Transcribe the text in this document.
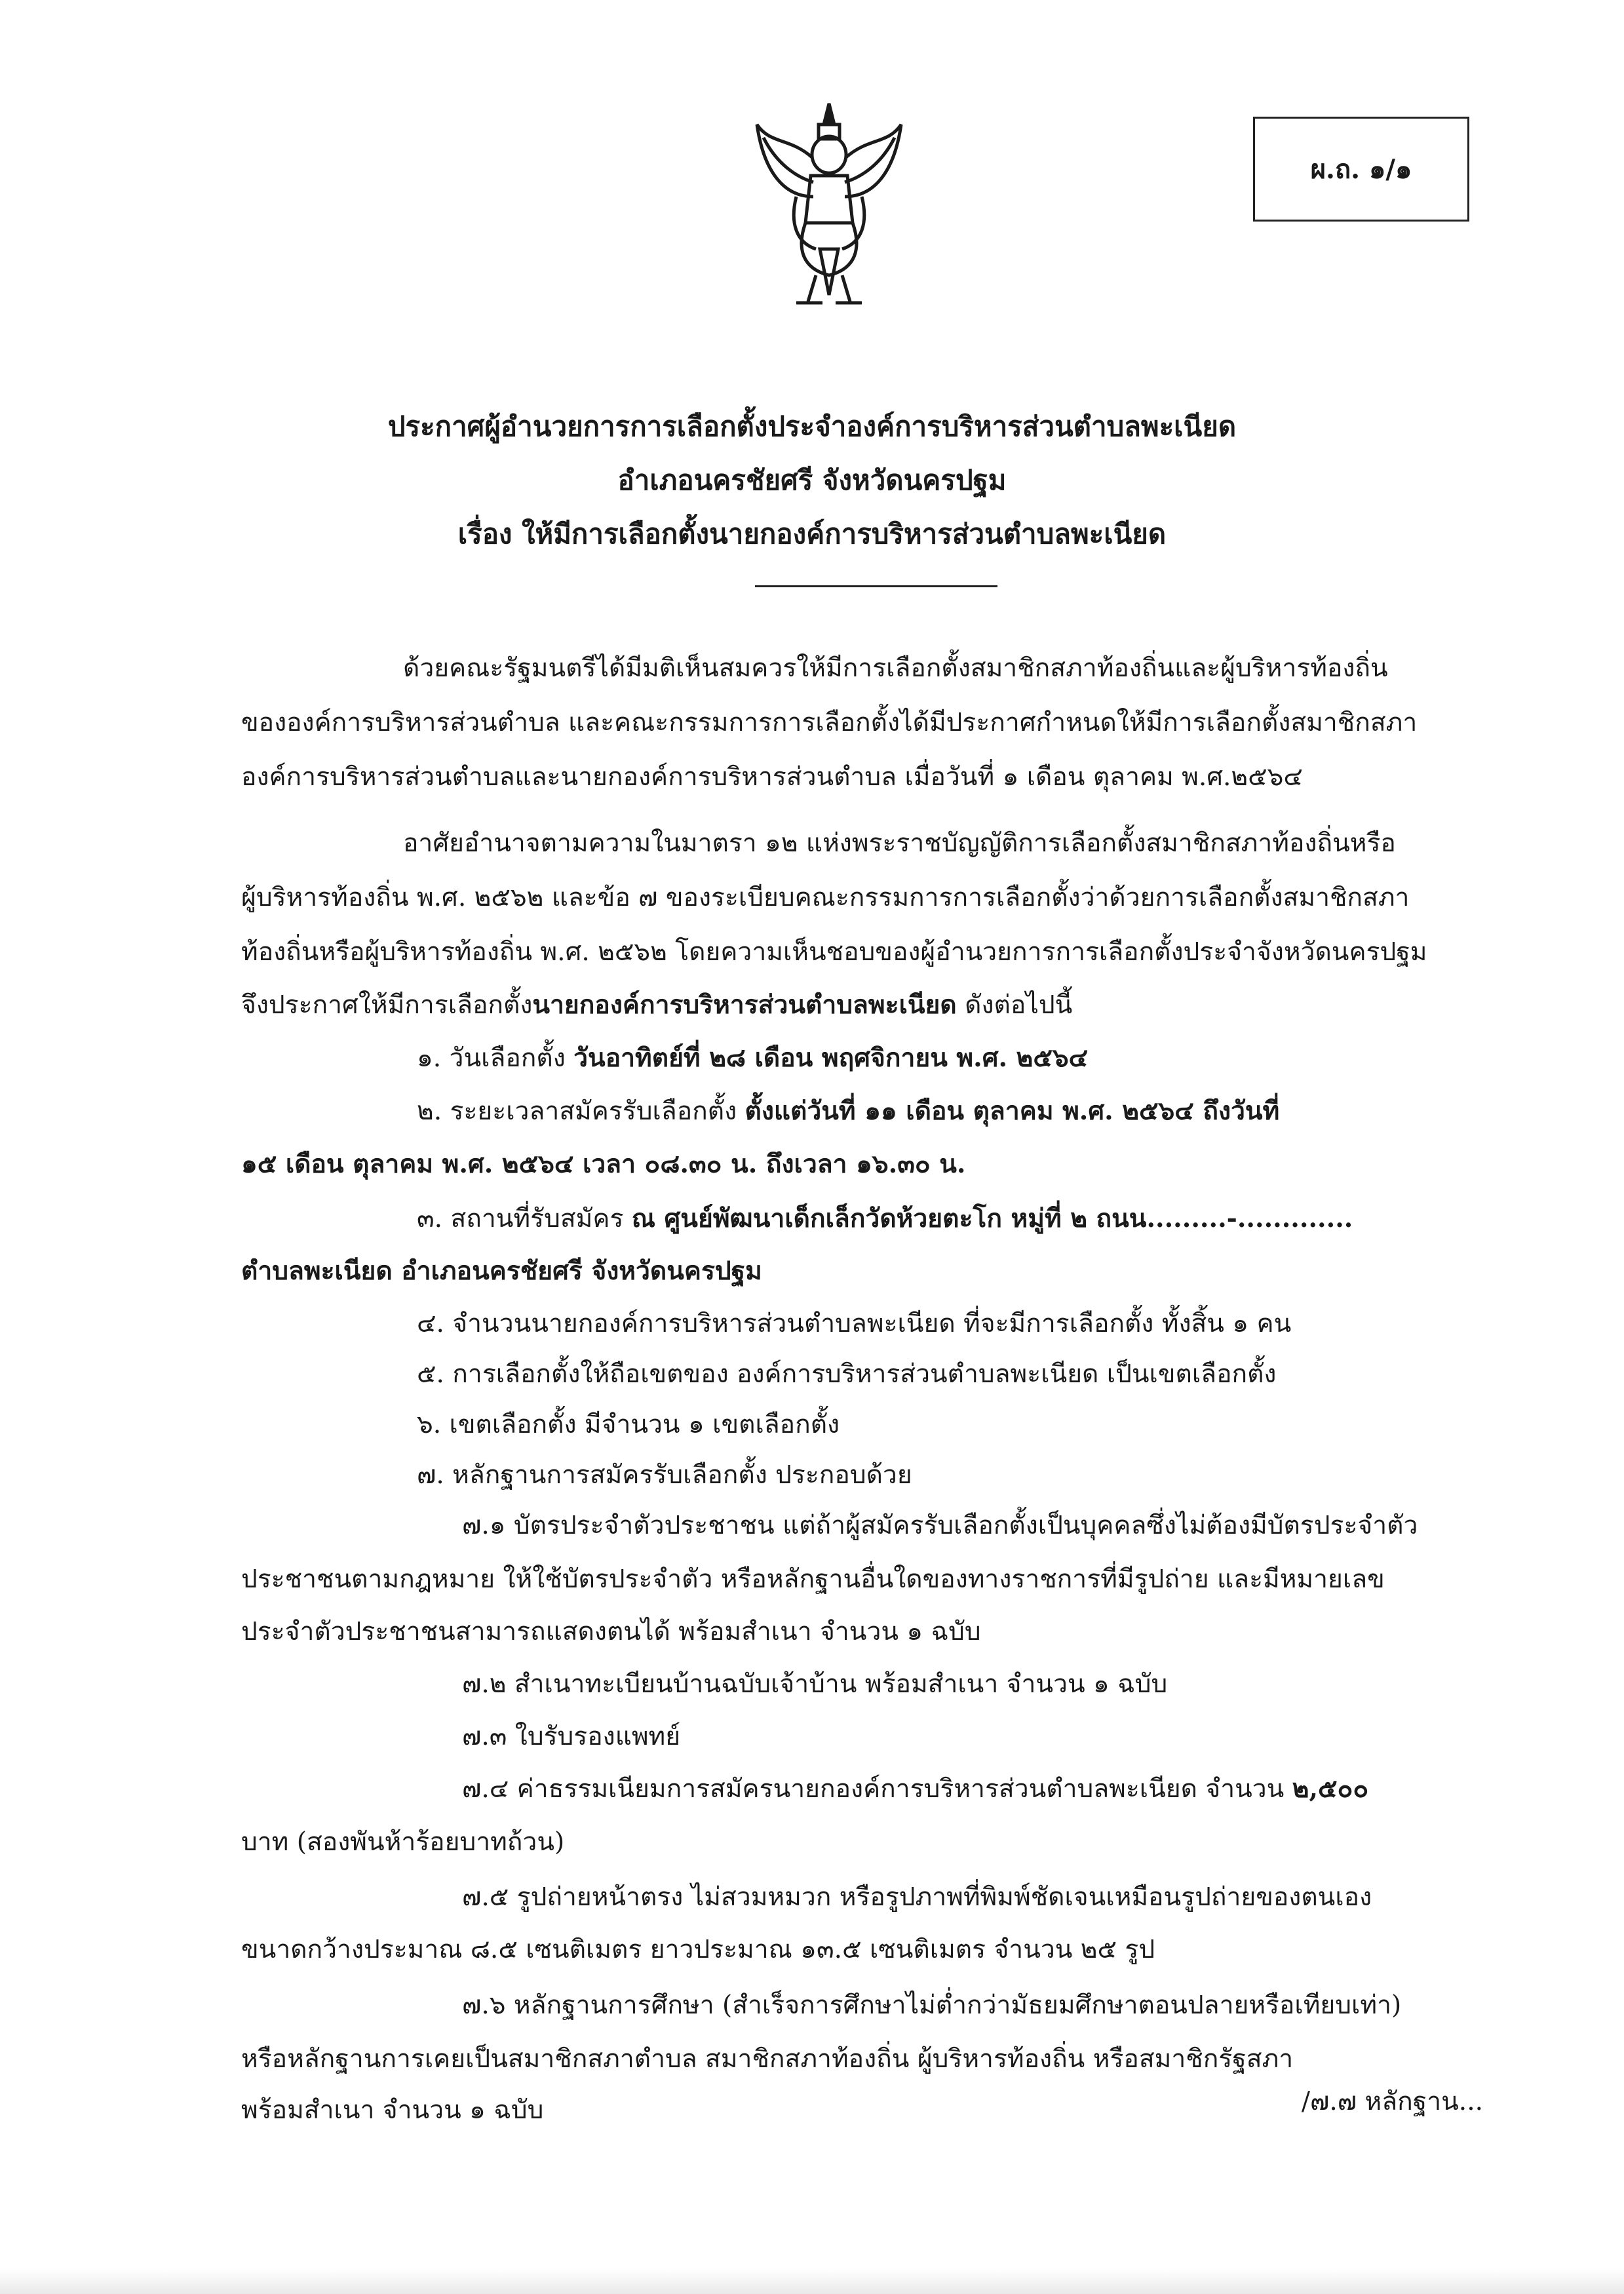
ผ.ถ. ๑/๑
ประกาศผู้อำนวยการการเลือกตั้งประจำองค์การบริหารส่วนตำบลพะเนียด
อำเภอนครชัยศรี จังหวัดนครปฐม
เรื่อง ให้มีการเลือกตั้งนายกองค์การบริหารส่วนตำบลพะเนียด
ด้วยคณะรัฐมนตรีได้มีมติเห็นสมควรให้มีการเลือกตั้งสมาชิกสภาท้องถิ่นและผู้บริหารท้องถิ่น
ขององค์การบริหารส่วนตำบล และคณะกรรมการการเลือกตั้งได้มีประกาศกำหนดให้มีการเลือกตั้งสมาชิกสภา
องค์การบริหารส่วนตำบลและนายกองค์การบริหารส่วนตำบล เมื่อวันที่ ๑ เดือน ตุลาคม พ.ศ.๒๕๖๔
อาศัยอำนาจตามความในมาตรา ๑๒ แห่งพระราชบัญญัติการเลือกตั้งสมาชิกสภาท้องถิ่นหรือ
ผู้บริหารท้องถิ่น พ.ศ. ๒๕๖๒ และข้อ ๗ ของระเบียบคณะกรรมการการเลือกตั้งว่าด้วยการเลือกตั้งสมาชิกสภา
ท้องถิ่นหรือผู้บริหารท้องถิ่น พ.ศ. ๒๕๖๒ โดยความเห็นชอบของผู้อำนวยการการเลือกตั้งประจำจังหวัดนครปฐม
จึงประกาศให้มีการเลือกตั้งนายกองค์การบริหารส่วนตำบลพะเนียด ดังต่อไปนี้
๑. วันเลือกตั้ง วันอาทิตย์ที่ ๒๘ เดือน พฤศจิกายน พ.ศ. ๒๕๖๔
๒. ระยะเวลาสมัครรับเลือกตั้ง ตั้งแต่วันที่ ๑๑ เดือน ตุลาคม พ.ศ. ๒๕๖๔ ถึงวันที่
๑๕ เดือน ตุลาคม พ.ศ. ๒๕๖๔ เวลา ๐๘.๓๐ น. ถึงเวลา ๑๖.๓๐ น.
๓. สถานที่รับสมัคร ณ ศูนย์พัฒนาเด็กเล็กวัดห้วยตะโก หมู่ที่ ๒ ถนน.........-.............
ตำบลพะเนียด อำเภอนครชัยศรี จังหวัดนครปฐม
๔. จำนวนนายกองค์การบริหารส่วนตำบลพะเนียด ที่จะมีการเลือกตั้ง ทั้งสิ้น ๑ คน
๕. การเลือกตั้งให้ถือเขตของ องค์การบริหารส่วนตำบลพะเนียด เป็นเขตเลือกตั้ง
๖. เขตเลือกตั้ง มีจำนวน ๑ เขตเลือกตั้ง
๗. หลักฐานการสมัครรับเลือกตั้ง ประกอบด้วย
๗.๑ บัตรประจำตัวประชาชน แต่ถ้าผู้สมัครรับเลือกตั้งเป็นบุคคลซึ่งไม่ต้องมีบัตรประจำตัว
ประชาชนตามกฎหมาย ให้ใช้บัตรประจำตัว หรือหลักฐานอื่นใดของทางราชการที่มีรูปถ่าย และมีหมายเลข
ประจำตัวประชาชนสามารถแสดงตนได้ พร้อมสำเนา จำนวน ๑ ฉบับ
๗.๒ สำเนาทะเบียนบ้านฉบับเจ้าบ้าน พร้อมสำเนา จำนวน ๑ ฉบับ
๗.๓ ใบรับรองแพทย์
๗.๔ ค่าธรรมเนียมการสมัครนายกองค์การบริหารส่วนตำบลพะเนียด จำนวน ๒,๕๐๐
บาท (สองพันห้าร้อยบาทถ้วน)
๗.๕ รูปถ่ายหน้าตรง ไม่สวมหมวก หรือรูปภาพที่พิมพ์ชัดเจนเหมือนรูปถ่ายของตนเอง
ขนาดกว้างประมาณ ๘.๕ เซนติเมตร ยาวประมาณ ๑๓.๕ เซนติเมตร จำนวน ๒๕ รูป
๗.๖ หลักฐานการศึกษา (สำเร็จการศึกษาไม่ต่ำกว่ามัธยมศึกษาตอนปลายหรือเทียบเท่า)
หรือหลักฐานการเคยเป็นสมาชิกสภาตำบล สมาชิกสภาท้องถิ่น ผู้บริหารท้องถิ่น หรือสมาชิกรัฐสภา
พร้อมสำเนา จำนวน ๑ ฉบับ	/๗.๗ หลักฐาน...
